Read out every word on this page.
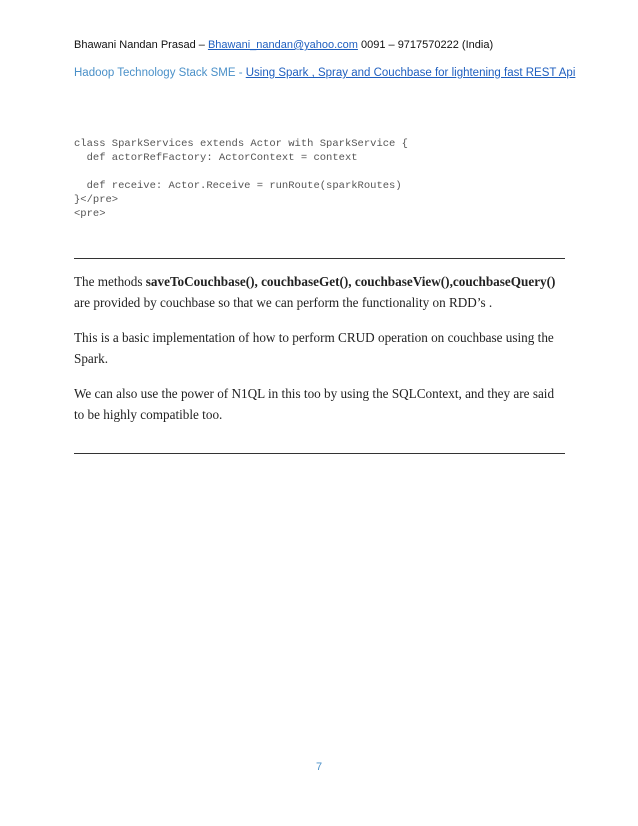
Bhawani Nandan Prasad – Bhawani_nandan@yahoo.com 0091 – 9717570222 (India)
Hadoop Technology Stack SME - Using Spark , Spray and Couchbase for lightening fast REST Api
class SparkServices extends Actor with SparkService {
def actorRefFactory: ActorContext = context

def receive: Actor.Receive = runRoute(sparkRoutes)
}</pre>
<pre>
The methods saveToCouchbase(), couchbaseGet(), couchbaseView(),couchbaseQuery() are provided by couchbase so that we can perform the functionality on RDD’s .
This is a basic implementation of how to perform CRUD operation on couchbase using the Spark.
We can also use the power of N1QL in this too by using the SQLContext, and they are said to be highly compatible too.
7
